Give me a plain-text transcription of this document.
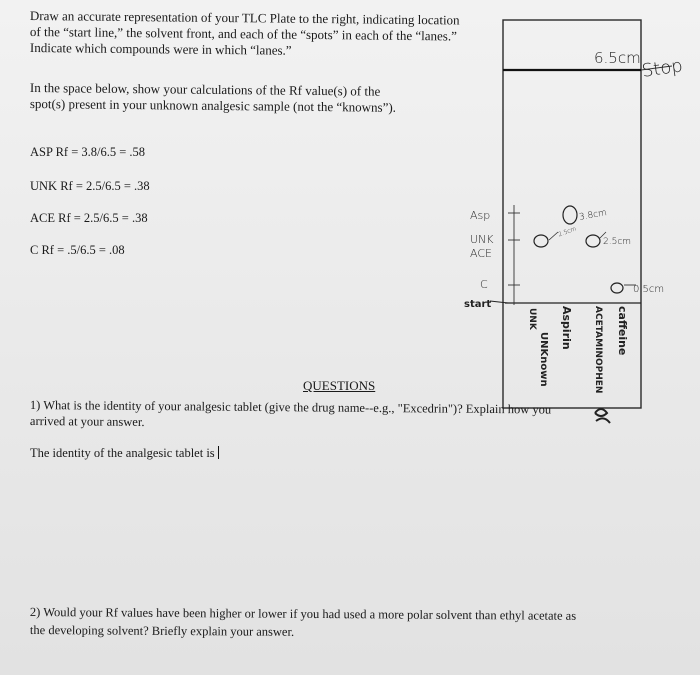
Draw an accurate representation of your TLC Plate to the right, indicating location
of the “start line,” the solvent front, and each of the “spots” in each of the “lanes.”
Indicate which compounds were in which “lanes.”
In the space below, show your calculations of the Rf value(s) of the
spot(s) present in your unknown analgesic sample (not the “knowns”).
ASP Rf = 3.8/6.5 = .58
UNK Rf = 2.5/6.5 = .38
ACE Rf = 2.5/6.5 = .38
C Rf = .5/6.5 = .08
6.5cm Stop
start
Asp
UNK
ACE
C
3.8cm
2.5cm
2.5cm
0.5cm
UNK
UNKnown
Aspirin	ACETAMINOPHEN caffeine
QUESTIONS
1) What is the identity of your analgesic tablet (give the drug name--e.g., "Excedrin")? Explain how you
arrived at your answer.
The identity of the analgesic tablet is
2) Would your Rf values have been higher or lower if you had used a more polar solvent than ethyl acetate as
the developing solvent? Briefly explain your answer.
